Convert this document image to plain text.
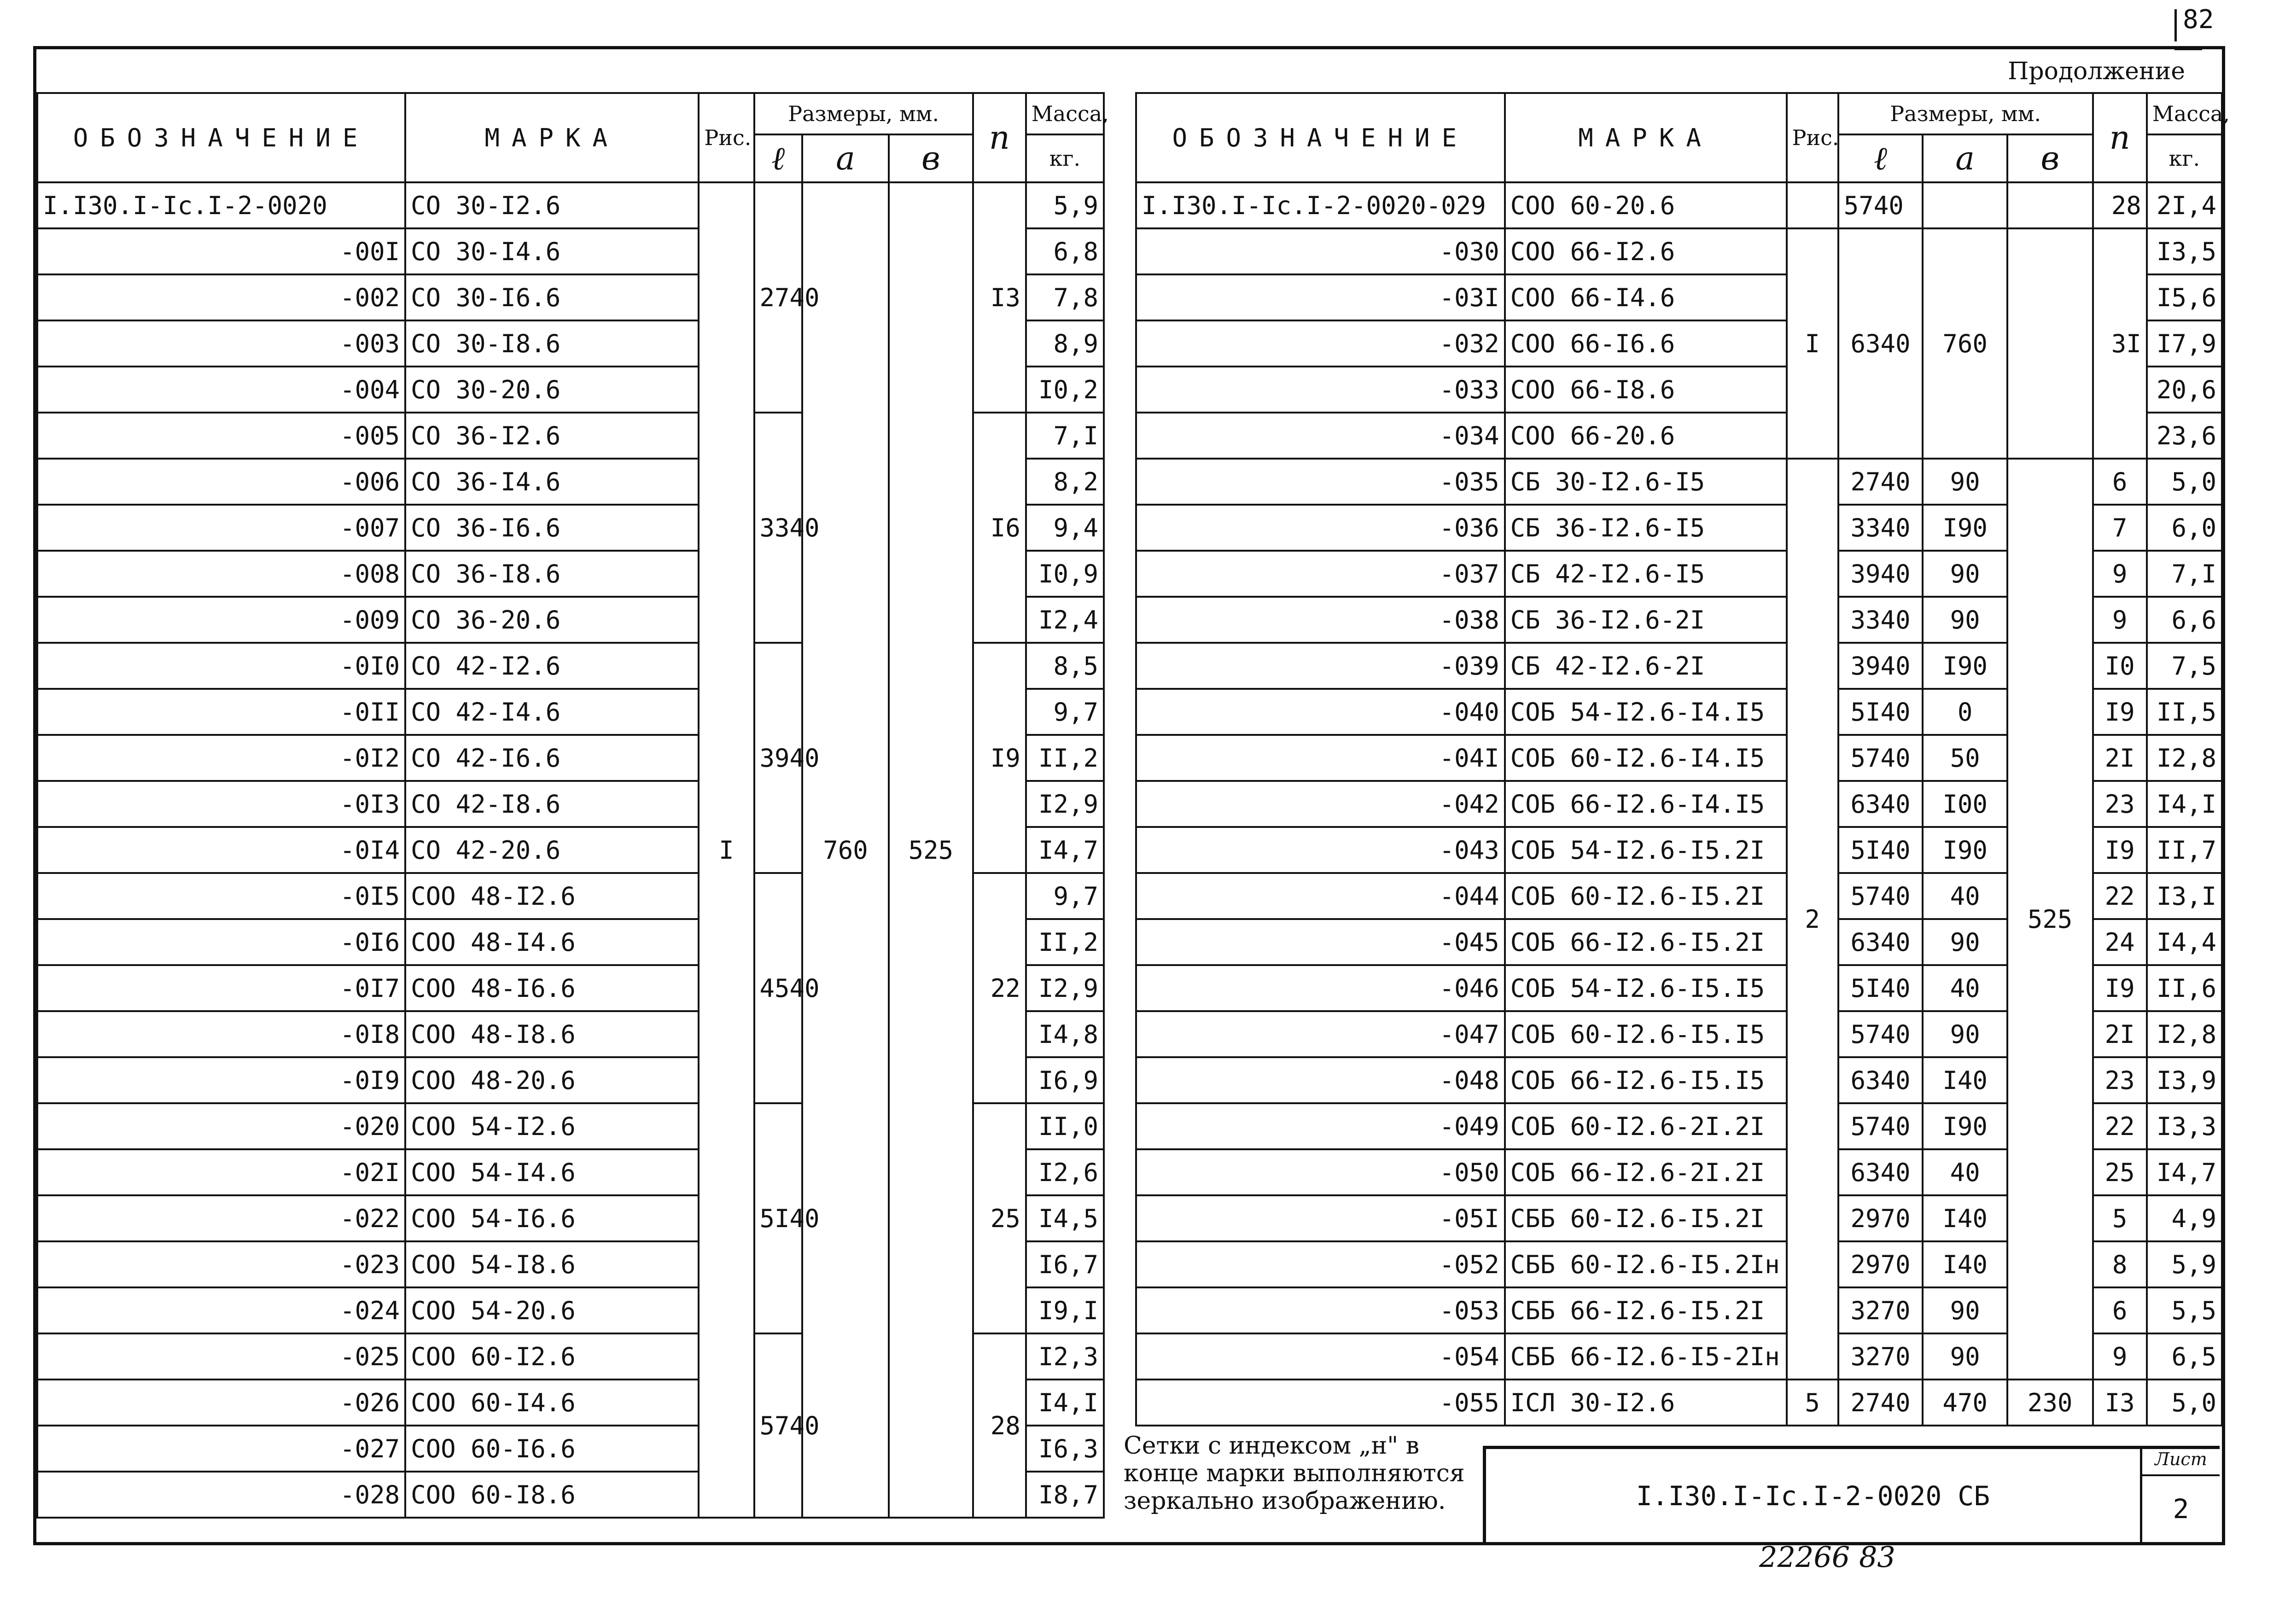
82
Продолжение
ОБОЗНАЧЕНИЕ	МАРКА	Рис.	Размеры, мм.			n	Масса,
			ℓ	a	в		кг.
I.I30.I-Ic.I-2-0020	СО 30-I2.6	I	2740	760	525	I3	5,9
-00I	СО 30-I4.6						6,8
-002	СО 30-I6.6						7,8
-003	СО 30-I8.6						8,9
-004	СО 30-20.6						I0,2
-005	СО 36-I2.6		3340			I6	7,I
-006	СО 36-I4.6						8,2
-007	СО 36-I6.6						9,4
-008	СО 36-I8.6						I0,9
-009	СО 36-20.6						I2,4
-0I0	СО 42-I2.6		3940			I9	8,5
-0II	СО 42-I4.6						9,7
-0I2	СО 42-I6.6						II,2
-0I3	СО 42-I8.6						I2,9
-0I4	СО 42-20.6						I4,7
-0I5	СОО 48-I2.6		4540			22	9,7
-0I6	СОО 48-I4.6						II,2
-0I7	СОО 48-I6.6						I2,9
-0I8	СОО 48-I8.6						I4,8
-0I9	СОО 48-20.6						I6,9
-020	СОО 54-I2.6		5I40			25	II,0
-02I	СОО 54-I4.6						I2,6
-022	СОО 54-I6.6						I4,5
-023	СОО 54-I8.6						I6,7
-024	СОО 54-20.6						I9,I
-025	СОО 60-I2.6		5740			28	I2,3
-026	СОО 60-I4.6						I4,I
-027	СОО 60-I6.6						I6,3
-028	СОО 60-I8.6						I8,7
ОБОЗНАЧЕНИЕ	МАРКА	Рис.	Размеры, мм.			n	Масса,
			ℓ	a	в		кг.
I.I30.I-Ic.I-2-0020-029	СОО 60-20.6		5740			28	2I,4
-030	СОО 66-I2.6	I	6340	760		3I	I3,5
-03I	СОО 66-I4.6						I5,6
-032	СОО 66-I6.6						I7,9
-033	СОО 66-I8.6						20,6
-034	СОО 66-20.6						23,6
-035	СБ 30-I2.6-I5	2	2740	90	525	6	5,0
-036	СБ 36-I2.6-I5		3340	I90		7	6,0
-037	СБ 42-I2.6-I5		3940	90		9	7,I
-038	СБ 36-I2.6-2I		3340	90		9	6,6
-039	СБ 42-I2.6-2I		3940	I90		I0	7,5
-040	СОБ 54-I2.6-I4.I5		5I40	0		I9	II,5
-04I	СОБ 60-I2.6-I4.I5		5740	50		2I	I2,8
-042	СОБ 66-I2.6-I4.I5		6340	I00		23	I4,I
-043	СОБ 54-I2.6-I5.2I		5I40	I90		I9	II,7
-044	СОБ 60-I2.6-I5.2I		5740	40		22	I3,I
-045	СОБ 66-I2.6-I5.2I		6340	90		24	I4,4
-046	СОБ 54-I2.6-I5.I5		5I40	40		I9	II,6
-047	СОБ 60-I2.6-I5.I5		5740	90		2I	I2,8
-048	СОБ 66-I2.6-I5.I5		6340	I40		23	I3,9
-049	СОБ 60-I2.6-2I.2I		5740	I90		22	I3,3
-050	СОБ 66-I2.6-2I.2I		6340	40		25	I4,7
-05I	СББ 60-I2.6-I5.2I		2970	I40		5	4,9
-052	СББ 60-I2.6-I5.2Iн		2970	I40		8	5,9
-053	СББ 66-I2.6-I5.2I		3270	90		6	5,5
-054	СББ 66-I2.6-I5-2Iн		3270	90		9	6,5
-055	IСЛ 30-I2.6	5	2740	470	230	I3	5,0
Сетки с индексом „н" в конце марки выполняются зеркально изображению.	I.I30.I-Ic.I-2-0020 СБ
Лист
2
22266 83
